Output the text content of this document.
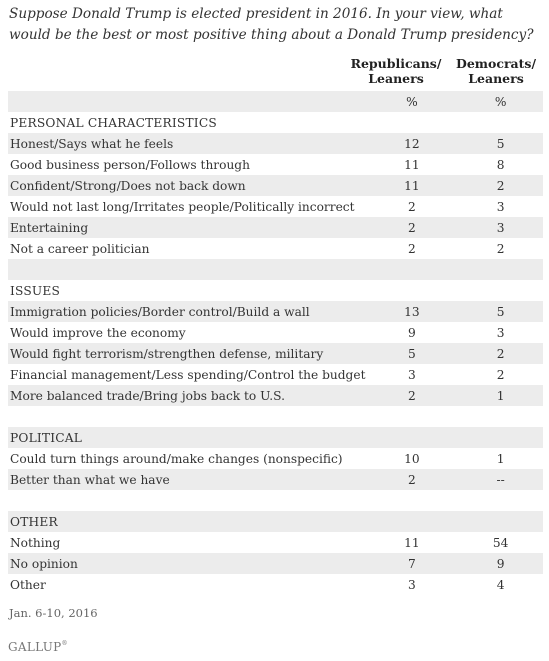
Suppose Donald Trump is elected president in 2016. In your view, what would be the best or most positive thing about a Donald Trump presidency?
Republicans/
Leaners
Democrats/
Leaners
	%	%
PERSONAL CHARACTERISTICS		
Honest/Says what he feels	12	5
Good business person/Follows through	11	8
Confident/Strong/Does not back down	11	2
Would not last long/Irritates people/Politically incorrect	2	3
Entertaining	2	3
Not a career politician	2	2

ISSUES		
Immigration policies/Border control/Build a wall	13	5
Would improve the economy	9	3
Would fight terrorism/strengthen defense, military	5	2
Financial management/Less spending/Control the budget	3	2
More balanced trade/Bring jobs back to U.S.	2	1

POLITICAL		
Could turn things around/make changes (nonspecific)	10	1
Better than what we have	2	--

OTHER		
Nothing	11	54
No opinion	7	9
Other	3	4
Jan. 6-10, 2016
GALLUP®
